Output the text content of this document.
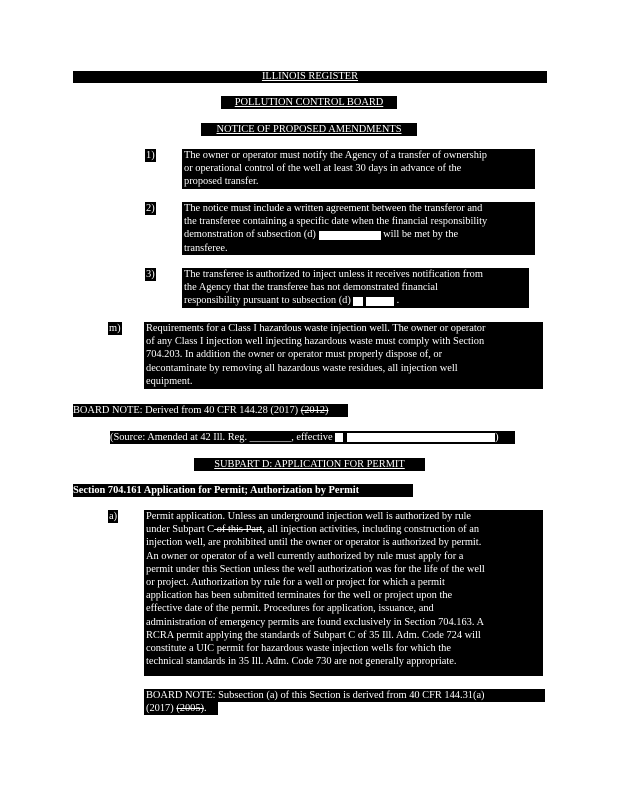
ILLINOIS REGISTER
POLLUTION CONTROL BOARD
NOTICE OF PROPOSED AMENDMENTS
1)	The owner or operator must notify the Agency of a transfer of ownership
or operational control of the well at least 30 days in advance of the
proposed transfer.
2)	The notice must include a written agreement between the transferor and
the transferee containing a specific date when the financial responsibility
demonstration of subsection (d)	will be met by the
transferee.
3)	The transferee is authorized to inject unless it receives notification from
the Agency that the transferee has not demonstrated financial
responsibility pursuant to subsection (d)	.
m) Requirements for a Class I hazardous waste injection well. The owner or operator
of any Class I injection well injecting hazardous waste must comply with Section
704.203. In addition the owner or operator must properly dispose of, or
decontaminate by removing all hazardous waste residues, all injection well
equipment.
BOARD NOTE: Derived from 40 CFR 144.28 (2017) (2012)
(Source: Amended at 42 Ill. Reg. ________, effective	)
SUBPART D: APPLICATION FOR PERMIT
Section 704.161 Application for Permit; Authorization by Permit
a)	Permit application. Unless an underground injection well is authorized by rule
under Subpart C of this Part, all injection activities, including construction of an
injection well, are prohibited until the owner or operator is authorized by permit.
An owner or operator of a well currently authorized by rule must apply for a
permit under this Section unless the well authorization was for the life of the well
or project. Authorization by rule for a well or project for which a permit
application has been submitted terminates for the well or project upon the
effective date of the permit. Procedures for application, issuance, and
administration of emergency permits are found exclusively in Section 704.163. A
RCRA permit applying the standards of Subpart C of 35 Ill. Adm. Code 724 will
constitute a UIC permit for hazardous waste injection wells for which the
technical standards in 35 Ill. Adm. Code 730 are not generally appropriate.
BOARD NOTE: Subsection (a) of this Section is derived from 40 CFR 144.31(a)
(2017) (2005).
